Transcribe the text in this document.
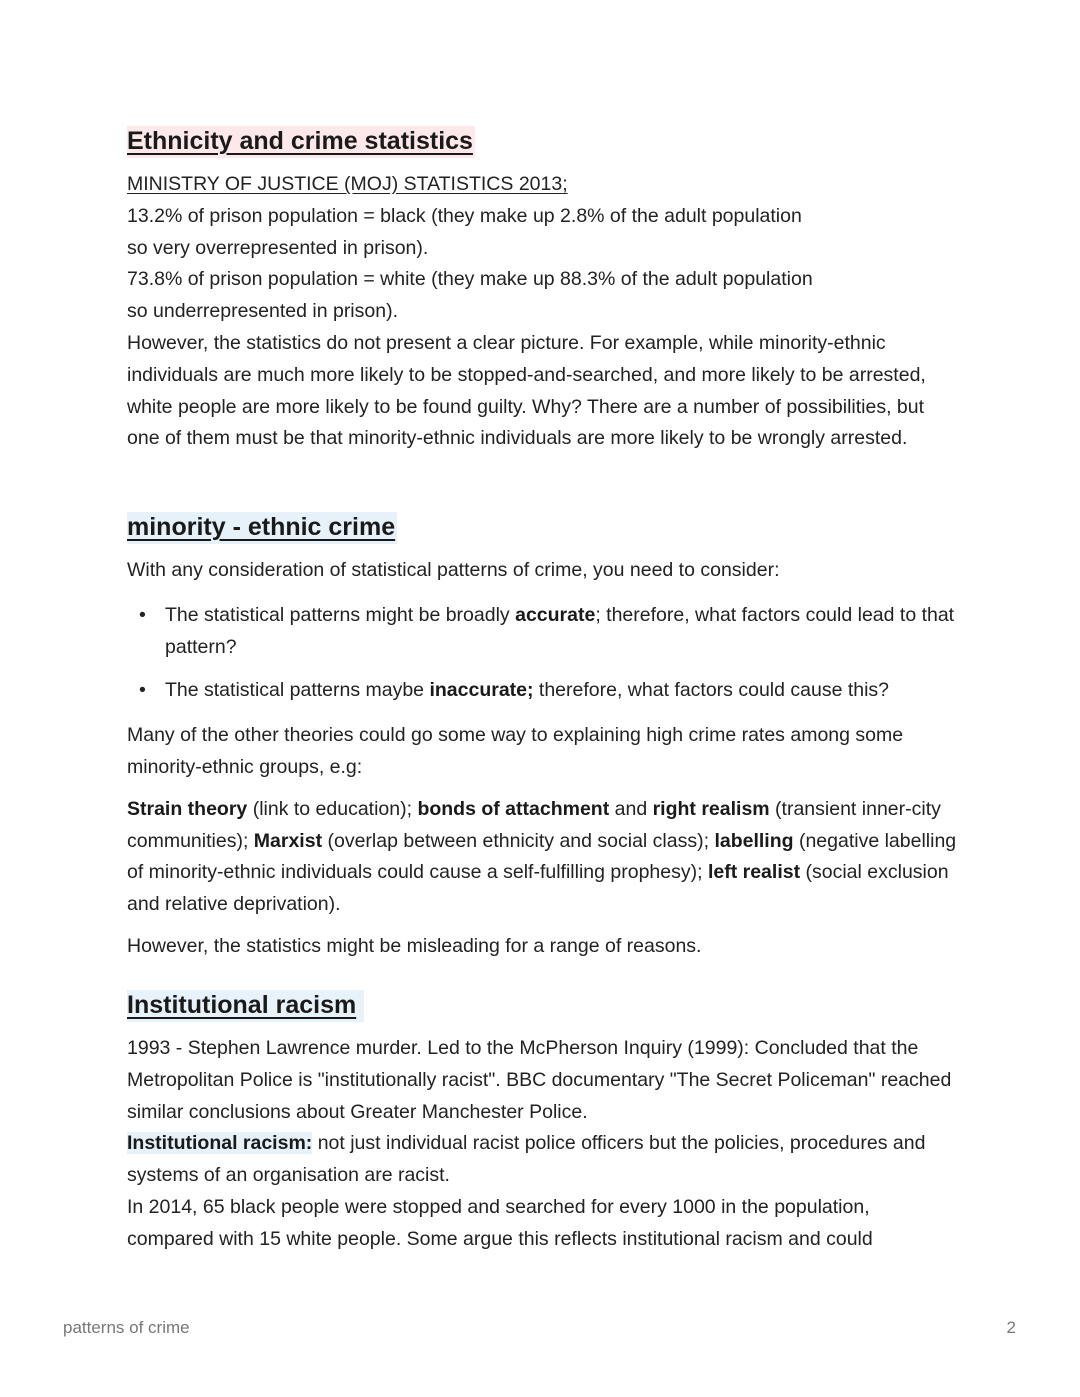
Ethnicity and crime statistics

MINISTRY OF JUSTICE (MOJ) STATISTICS 2013;

13.2% of prison population = black (they make up 2.8% of the adult population

so very overrepresented in prison).

73.8% of prison population = white (they make up 88.3% of the adult population

so underrepresented in prison).

However, the statistics do not present a clear picture. For example, while minority-ethnic individuals are much more likely to be stopped-and-searched, and more likely to be arrested, white people are more likely to be found guilty. Why? There are a number of possibilities, but one of them must be that minority-ethnic individuals are more likely to be wrongly arrested.

minority - ethnic crime

With any consideration of statistical patterns of crime, you need to consider:

• The statistical patterns might be broadly accurate; therefore, what factors could lead to that pattern?
• The statistical patterns maybe inaccurate; therefore, what factors could cause this?

Many of the other theories could go some way to explaining high crime rates among some minority-ethnic groups, e.g:

Strain theory (link to education); bonds of attachment and right realism (transient inner-city communities); Marxist (overlap between ethnicity and social class); labelling (negative labelling of minority-ethnic individuals could cause a self-fulfilling prophesy); left realist (social exclusion and relative deprivation).

However, the statistics might be misleading for a range of reasons.

Institutional racism

1993 - Stephen Lawrence murder. Led to the McPherson Inquiry (1999): Concluded that the Metropolitan Police is "institutionally racist". BBC documentary "The Secret Policeman" reached similar conclusions about Greater Manchester Police.

Institutional racism: not just individual racist police officers but the policies, procedures and systems of an organisation are racist.

In 2014, 65 black people were stopped and searched for every 1000 in the population, compared with 15 white people. Some argue this reflects institutional racism and could

patterns of crime	2
